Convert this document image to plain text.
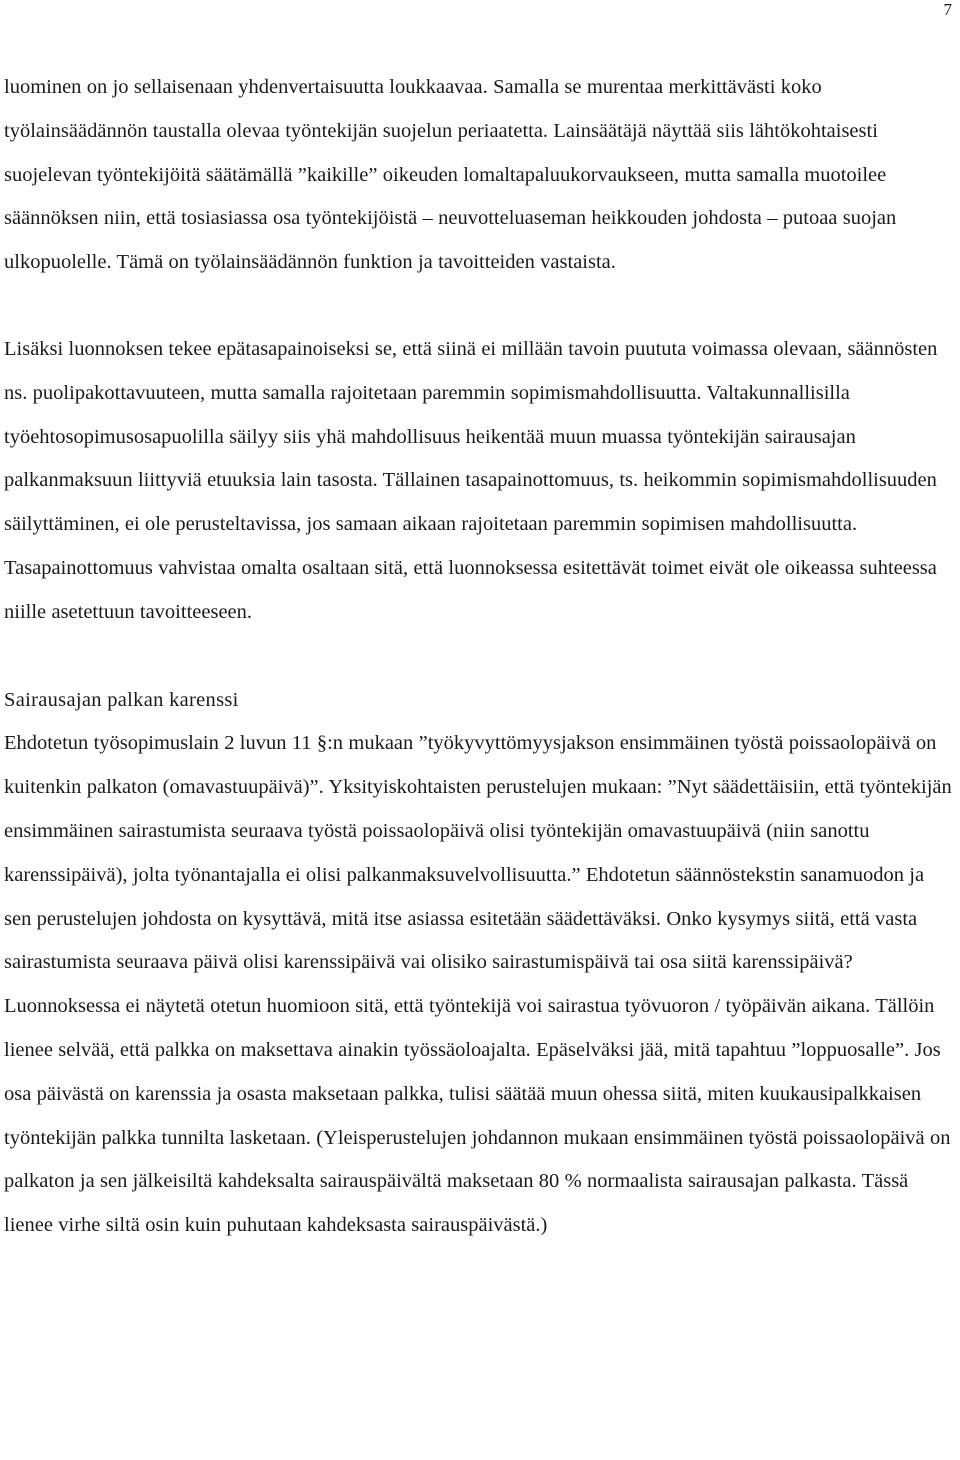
7

luominen on jo sellaisenaan yhdenvertaisuutta loukkaavaa. Samalla se murentaa merkittävästi koko työlainsäädännön taustalla olevaa työntekijän suojelun periaatetta. Lainsäätäjä näyttää siis lähtökohtaisesti suojelevan työntekijöitä säätämällä ”kaikille” oikeuden lomaltapaluukorvaukseen, mutta samalla muotoilee säännöksen niin, että tosiasiassa osa työntekijöistä – neuvotteluaseman heikkouden johdosta – putoaa suojan ulkopuolelle. Tämä on työlainsäädännön funktion ja tavoitteiden vastaista.

Lisäksi luonnoksen tekee epätasapainoiseksi se, että siinä ei millään tavoin puututa voimassa olevaan, säännösten ns. puolipakottavuuteen, mutta samalla rajoitetaan paremmin sopimismahdollisuutta. Valtakunnallisilla työehtosopimusosapuolilla säilyy siis yhä mahdollisuus heikentää muun muassa työntekijän sairausajan palkanmaksuun liittyviä etuuksia lain tasosta. Tällainen tasapainottomuus, ts. heikommin sopimismahdollisuuden säilyttäminen, ei ole perusteltavissa, jos samaan aikaan rajoitetaan paremmin sopimisen mahdollisuutta. Tasapainottomuus vahvistaa omalta osaltaan sitä, että luonnoksessa esitettävät toimet eivät ole oikeassa suhteessa niille asetettuun tavoitteeseen.

Sairausajan palkan karenssi

Ehdotetun työsopimuslain 2 luvun 11 §:n mukaan ”työkyvyttömyysjakson ensimmäinen työstä poissaolopäivä on kuitenkin palkaton (omavastuupäivä)”. Yksityiskohtaisten perustelujen mukaan: ”Nyt säädettäisiin, että työntekijän ensimmäinen sairastumista seuraava työstä poissaolopäivä olisi työntekijän omavastuupäivä (niin sanottu karenssipäivä), jolta työnantajalla ei olisi palkanmaksuvelvollisuutta.” Ehdotetun säännöstekstin sanamuodon ja sen perustelujen johdosta on kysyttävä, mitä itse asiassa esitetään säädettäväksi. Onko kysymys siitä, että vasta sairastumista seuraava päivä olisi karenssipäivä vai olisiko sairastumispäivä tai osa siitä karenssipäivä? Luonnoksessa ei näytetä otetun huomioon sitä, että työntekijä voi sairastua työvuoron / työpäivän aikana. Tällöin lienee selvää, että palkka on maksettava ainakin työssäoloajalta. Epäselväksi jää, mitä tapahtuu ”loppuosalle”. Jos osa päivästä on karenssia ja osasta maksetaan palkka, tulisi säätää muun ohessa siitä, miten kuukausipalkkaisen työntekijän palkka tunnilta lasketaan. (Yleisperustelujen johdannon mukaan ensimmäinen työstä poissaolopäivä on palkaton ja sen jälkeisiltä kahdeksalta sairauspäivältä maksetaan 80 % normaalista sairausajan palkasta. Tässä lienee virhe siltä osin kuin puhutaan kahdeksasta sairauspäivästä.)
